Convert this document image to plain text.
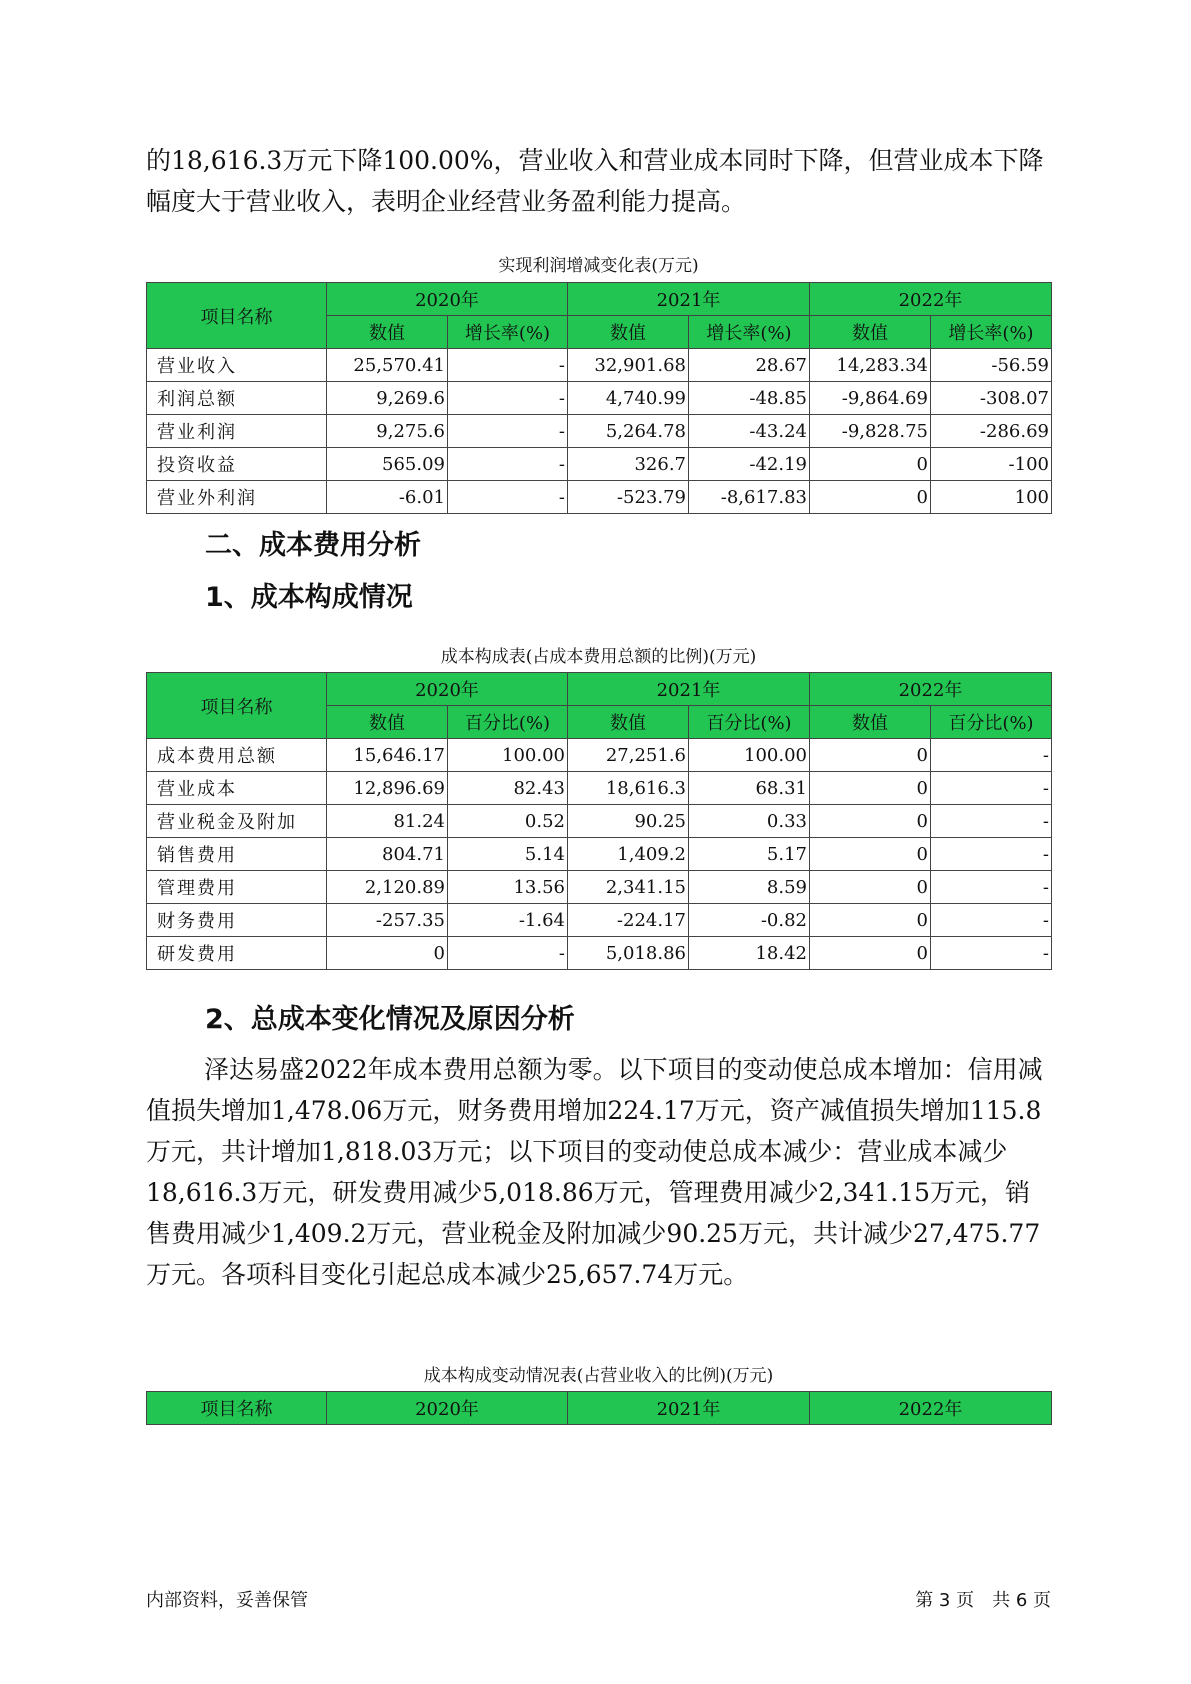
的18,616.3万元下降100.00%，营业收入和营业成本同时下降，但营业成本下降幅度大于营业收入，表明企业经营业务盈利能力提高。

实现利润增减变化表(万元)
项目名称	2020年		2021年		2022年	
	数值	增长率(%)	数值	增长率(%)	数值	增长率(%)
营业收入	25,570.41	-	32,901.68	28.67	14,283.34	-56.59
利润总额	9,269.6	-	4,740.99	-48.85	-9,864.69	-308.07
营业利润	9,275.6	-	5,264.78	-43.24	-9,828.75	-286.69
投资收益	565.09	-	326.7	-42.19	0	-100
营业外利润	-6.01	-	-523.79	-8,617.83	0	100
二、成本费用分析
1、成本构成情况
成本构成表(占成本费用总额的比例)(万元)
项目名称	2020年		2021年		2022年	
	数值	百分比(%)	数值	百分比(%)	数值	百分比(%)
成本费用总额	15,646.17	100.00	27,251.6	100.00	0	-
营业成本	12,896.69	82.43	18,616.3	68.31	0	-
营业税金及附加	81.24	0.52	90.25	0.33	0	-
销售费用	804.71	5.14	1,409.2	5.17	0	-
管理费用	2,120.89	13.56	2,341.15	8.59	0	-
财务费用	-257.35	-1.64	-224.17	-0.82	0	-
研发费用	0	-	5,018.86	18.42	0	-
2、总成本变化情况及原因分析

泽达易盛2022年成本费用总额为零。以下项目的变动使总成本增加：信用减值损失增加1,478.06万元，财务费用增加224.17万元，资产减值损失增加115.8万元，共计增加1,818.03万元；以下项目的变动使总成本减少：营业成本减少18,616.3万元，研发费用减少5,018.86万元，管理费用减少2,341.15万元，销售费用减少1,409.2万元，营业税金及附加减少90.25万元，共计减少27,475.77万元。各项科目变化引起总成本减少25,657.74万元。

成本构成变动情况表(占营业收入的比例)(万元)
项目名称	2020年	2021年	2022年
内部资料，妥善保管	第 3 页　共 6 页
